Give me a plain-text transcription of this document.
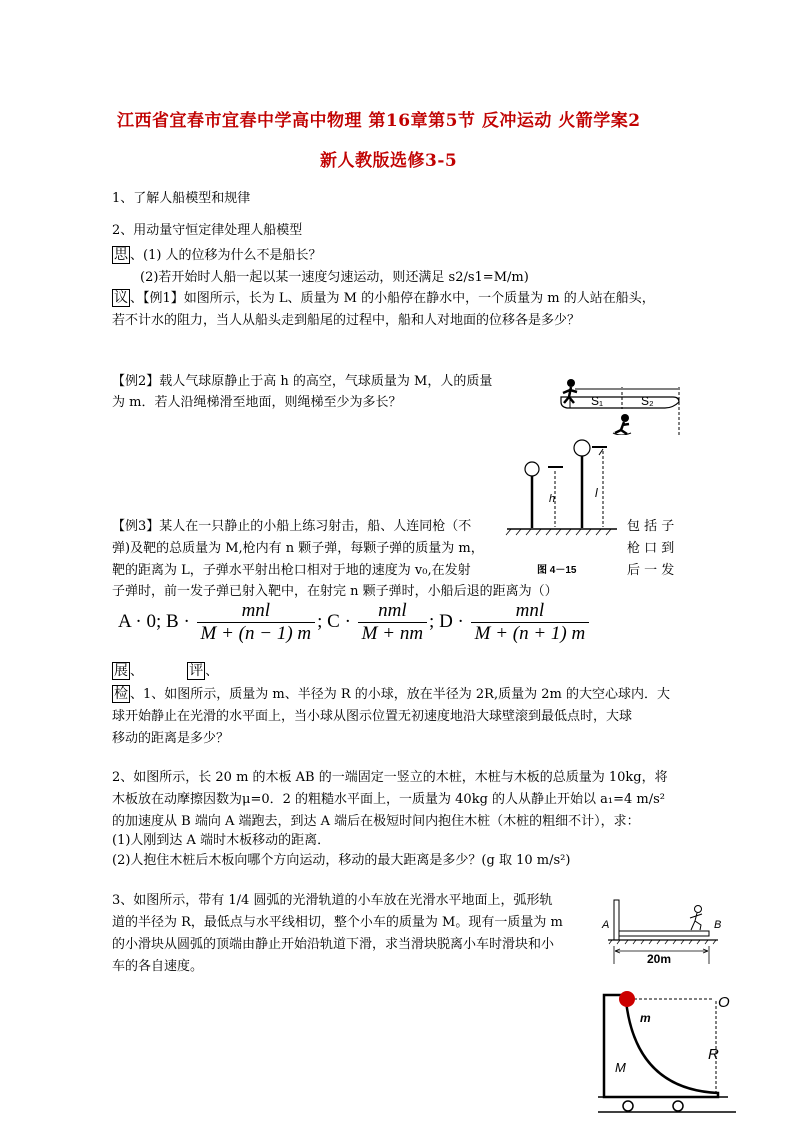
江西省宜春市宜春中学高中物理 第16章第5节 反冲运动 火箭学案2
新人教版选修3-5
1、了解人船模型和规律
2、用动量守恒定律处理人船模型
思 、(1) 人的位移为什么不是船长？
(2)若开始时人船一起以某一速度匀速运动，则还满足 s2/s1=M/m)
议 、【例1】如图所示，长为 L、质量为 M 的小船停在静水中，一个质量为 m 的人站在船头，
若不计水的阻力，当人从船头走到船尾的过程中，船和人对地面的位移各是多少？
【例2】载人气球原静止于高 h 的高空，气球质量为 M，人的质量
为 m．若人沿绳梯滑至地面，则绳梯至少为多长？	S₁	S₂
h	l
【例3】某人在一只静止的小船上练习射击，船、人连同枪（不	包 括 子
弹)及靶的总质量为 M,枪内有 n 颗子弹，每颗子弹的质量为 m，	枪 口 到
靶的距离为 L，子弹水平射出枪口相对于地的速度为 v₀,在发射	后 一 发
图 4－15
子弹时，前一发子弹已射入靶中，在射完 n 颗子弹时，小船后退的距离为（）
A · 0; $B \cdot \frac{\text{mnl}}{M + (n - 1) m}$ ; $C \cdot \frac{\text{nml}}{M + nm}$ ; $D \cdot \frac{\text{mnl}}{M + (n + 1) m}$
展 、	评 、
检 、1、如图所示，质量为 m、半径为 R 的小球，放在半径为 2R,质量为 2m 的大空心球内．大
球开始静止在光滑的水平面上，当小球从图示位置无初速度地沿大球壁滚到最低点时，大球
移动的距离是多少？
2、如图所示，长 20 m 的木板 AB 的一端固定一竖立的木桩，木桩与木板的总质量为 10kg，将
木板放在动摩擦因数为μ=0．2 的粗糙水平面上，一质量为 40kg 的人从静止开始以 a₁=4 m/s²
的加速度从 B 端向 A 端跑去，到达 A 端后在极短时间内抱住木桩（木桩的粗细不计），求：
(1)人刚到达 A 端时木板移动的距离．
(2)人抱住木桩后木板向哪个方向运动，移动的最大距离是多少？(g 取 10 m/s²)
3、如图所示，带有 1/4 圆弧的光滑轨道的小车放在光滑水平地面上，弧形轨
道的半径为 R，最低点与水平线相切，整个小车的质量为 M。现有一质量为 m
的小滑块从圆弧的顶端由静止开始沿轨道下滑，求当滑块脱离小车时滑块和小
车的各自速度。
A	B
20m
O
m
M
R
